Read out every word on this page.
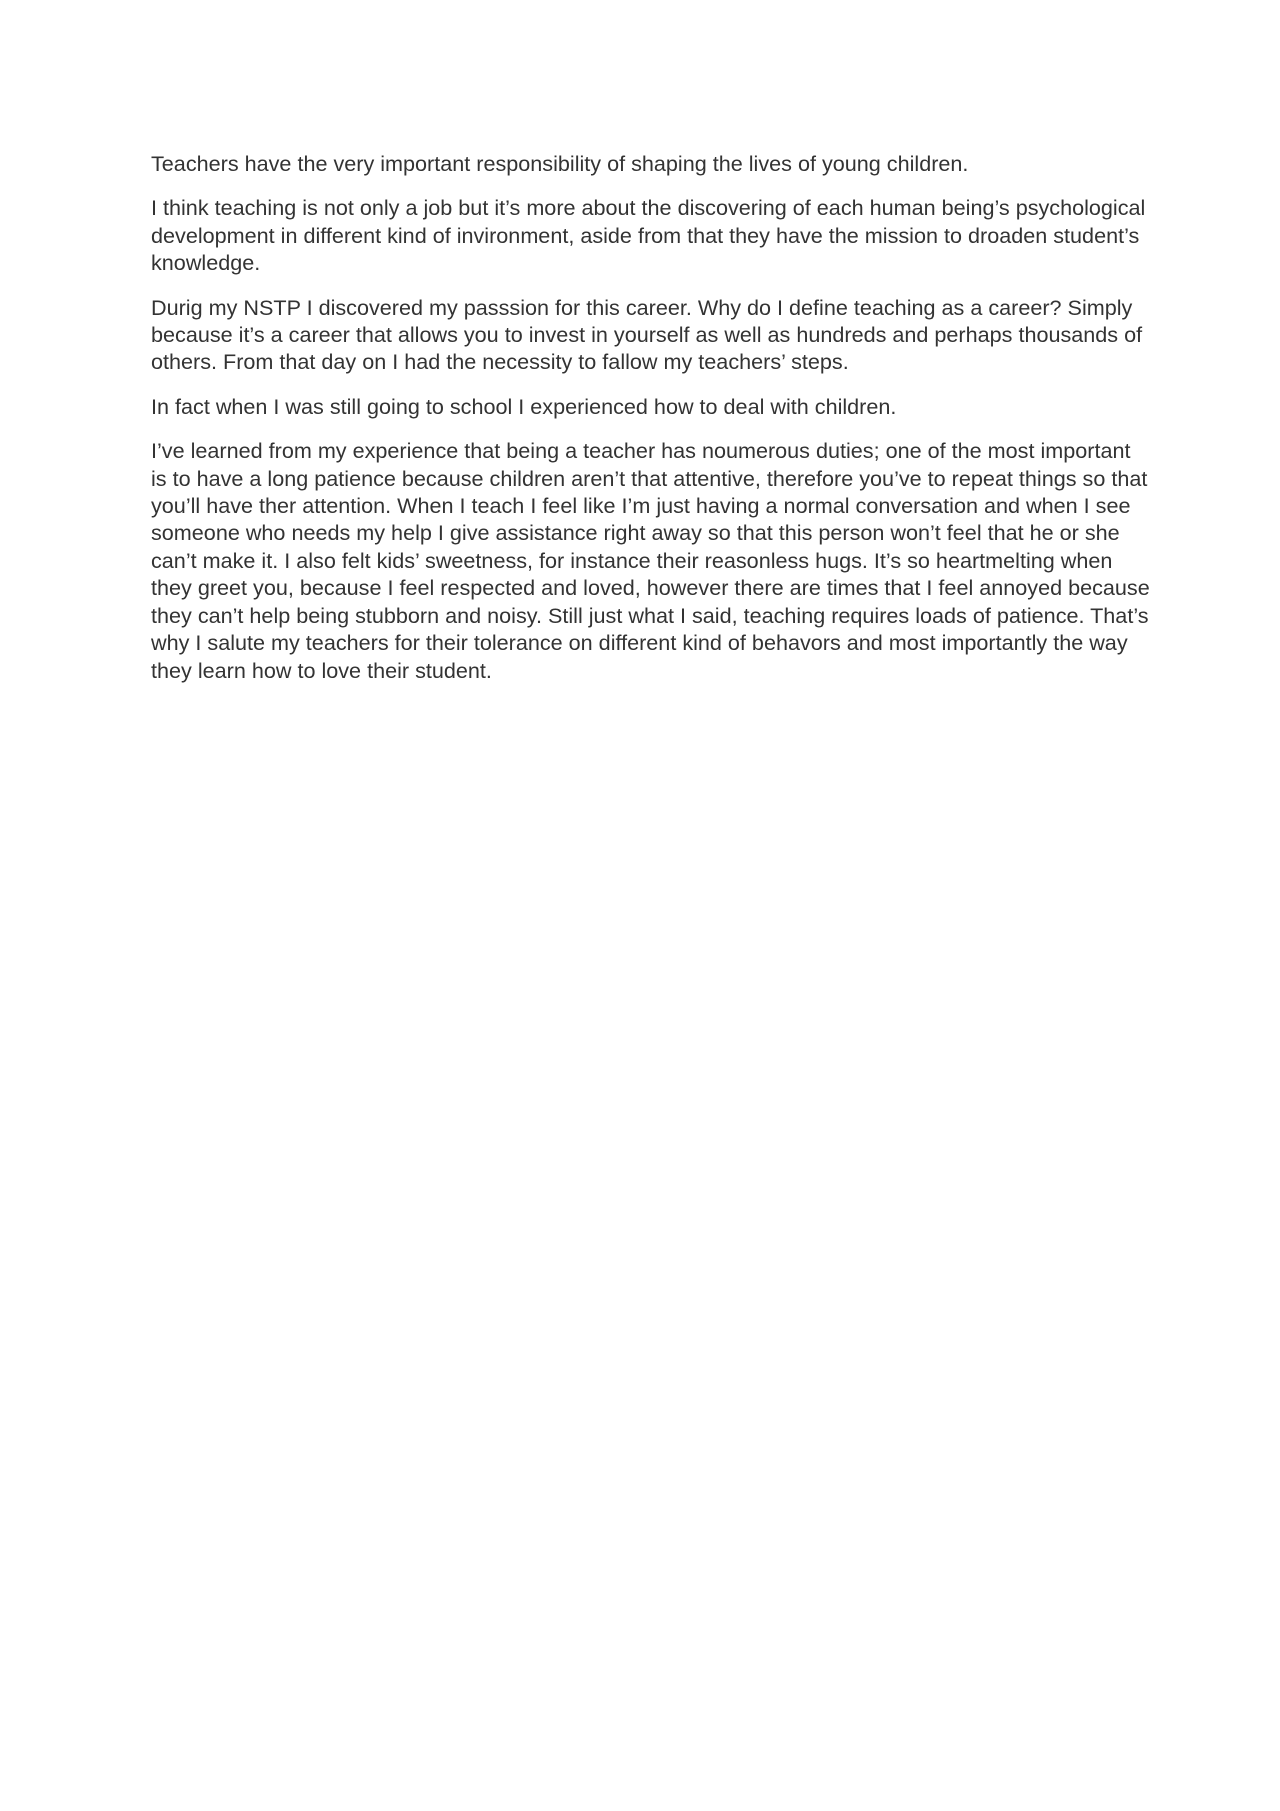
Teachers have the very important responsibility of shaping the lives of young children.

I think teaching is not only a job but it’s more about the discovering of each human being’s psychological development in different kind of invironment, aside from that they have the mission to droaden student’s knowledge.

Durig my NSTP I discovered my passsion for this career. Why do I define teaching as a career? Simply because it’s a career that allows you to invest in yourself as well as hundreds and perhaps thousands of others. From that day on I had the necessity to fallow my teachers’ steps.

In fact when I was still going to school I experienced how to deal with children.

I’ve learned from my experience that being a teacher has noumerous duties; one of the most important is to have a long patience because children aren’t that attentive, therefore you’ve to repeat things so that you’ll have ther attention. When I teach I feel like I’m just having a normal conversation and when I see someone who needs my help I give assistance right away so that this person won’t feel that he or she can’t make it. I also felt kids’ sweetness, for instance their reasonless hugs. It’s so heartmelting when they greet you, because I feel respected and loved, however there are times that I feel annoyed because they can’t help being stubborn and noisy. Still just what I said, teaching requires loads of patience. That’s why I salute my teachers for their tolerance on different kind of behavors and most importantly the way they learn how to love their student.
